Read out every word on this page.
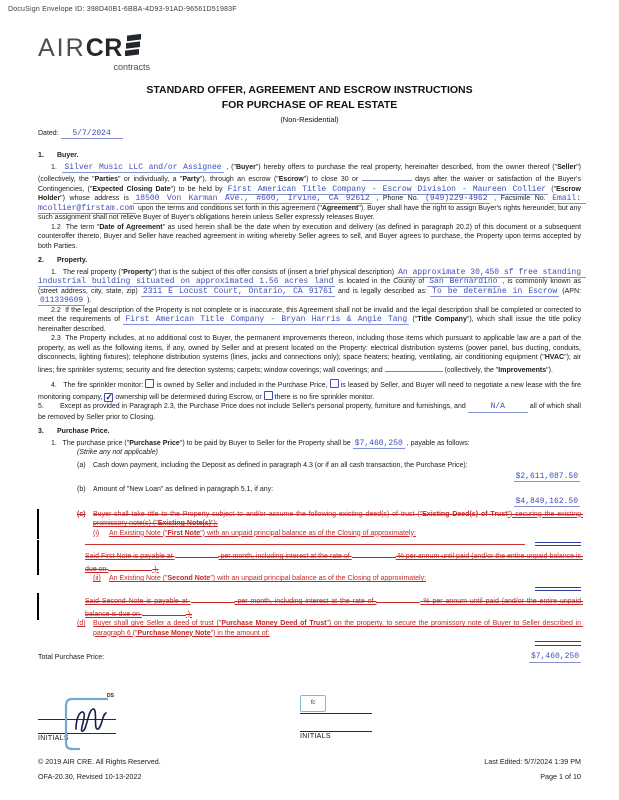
DocuSign Envelope ID: 398D40B1-6BBA-4D93-91AD-96561D51983F
AIR CR
contracts
STANDARD OFFER, AGREEMENT AND ESCROW INSTRUCTIONS
FOR PURCHASE OF REAL ESTATE
(Non-Residential)
Dated: 5/7/2024
1. Buyer.
1.  Silver Music LLC and/or Assignee , ("Buyer") hereby offers to purchase the real property, hereinafter described, from the owner thereof ("Seller") (collectively, the "Parties" or individually, a "Party"), through an escrow ("Escrow") to close 30 or	days after the waiver or satisfaction of the Buyer's Contingencies, ("Expected Closing Date") to be held by First American Title Company - Escrow Division - Maureen Collier ("Escrow Holder") whose address is 18500 Von Karman Ave., #600, Irvine, CA 92612 , Phone No. (949)229-4962 , Facsimile No. Email: mcollier@firstam.com upon the terms and conditions set forth in this agreement ("Agreement"). Buyer shall have the right to assign Buyer's rights hereunder, but any such assignment shall not relieve Buyer of Buyer's obligations herein unless Seller expressly releases Buyer.
1.2  The term "Date of Agreement" as used herein shall be the date when by execution and delivery (as defined in paragraph 20.2) of this document or a subsequent counteroffer thereto, Buyer and Seller have reached agreement in writing whereby Seller agrees to sell, and Buyer agrees to purchase, the Property upon terms accepted by both Parties.
2. Property.
1.   The real property ("Property") that is the subject of this offer consists of (insert a brief physical description) An approximate 30,450 sf free standing industrial building situated on approximated 1.56 acres land is located in the County of San Bernardino , is commonly known as (street address, city, state, zip) 2311 E Locust Court, Ontario, CA 91761 and is legally described as: To be determine in Escrow (APN: 011339609 ).
2.2  If the legal description of the Property is not complete or is inaccurate, this Agreement shall not be invalid and the legal description shall be completed or corrected to meet the requirements of First American Title Company - Bryan Harris & Angie Tang ("Title Company"), which shall issue the title policy hereinafter described.
2.3  The Property includes, at no additional cost to Buyer, the permanent improvements thereon, including those items which pursuant to applicable law are a part of the property, as well as the following items, if any, owned by Seller and at present located on the Property: electrical distribution systems (power panel, bus ducting, conduits, disconnects, lighting fixtures); telephone distribution systems (lines, jacks and connections only); space heaters; heating, ventilating, air conditioning equipment ("HVAC"); air lines; fire sprinkler systems; security and fire detection systems; carpets; window coverings; wall coverings; and	(collectively, the "Improvements").
4.   The fire sprinkler monitor:  is owned by Seller and included in the Purchase Price,  is leased by Seller, and Buyer will need to negotiate a new lease with the fire monitoring company, ✓ ownership will be determined during Escrow, or  there is no fire sprinkler monitor.
5.        Except as provided in Paragraph 2.3, the Purchase Price does not include Seller's personal property, furniture and furnishings, and	N/A	all of which shall be removed by Seller prior to Closing.
3. Purchase Price.
1.   The purchase price ("Purchase Price") to be paid by Buyer to Seller for the Property shall be $7,460,250 , payable as follows:
(Strike any not applicable)
(a) Cash down payment, including the Deposit as defined in paragraph 4.3 (or if an all cash transaction, the Purchase Price):
$2,611,087.50
(b) Amount of "New Loan" as defined in paragraph 5.1, if any:
$4,849,162.50
(c) Buyer shall take title to the Property subject to and/or assume the following existing deed(s) of trust ("Existing Deed(s) of Trust") securing the existing promissory note(s) ("Existing Note(s)"):
(i) An Existing Note ("First Note") with an unpaid principal balance as of the Closing of approximately:
Said First Note is payable at	per month, including interest at the rate of	% per annum until paid (and/or the entire unpaid balance is due on	).
(ii) An Existing Note ("Second Note") with an unpaid principal balance as of the Closing of approximately:
Said Second Note is payable at	per month, including interest at the rate of	% per annum until paid (and/or the entire unpaid balance is due on	).
(d) Buyer shall give Seller a deed of trust ("Purchase Money Deed of Trust") on the property, to secure the promissory note of Buyer to Seller described in paragraph 6 ("Purchase Money Note") in the amount of:
Total Purchase Price:	$7,460,250
INITIALS
DS
fc
INITIALS
© 2019 AIR CRE. All Rights Reserved.	Last Edited: 5/7/2024 1:39 PM
OFA-20.30, Revised 10-13-2022	Page 1 of 10
